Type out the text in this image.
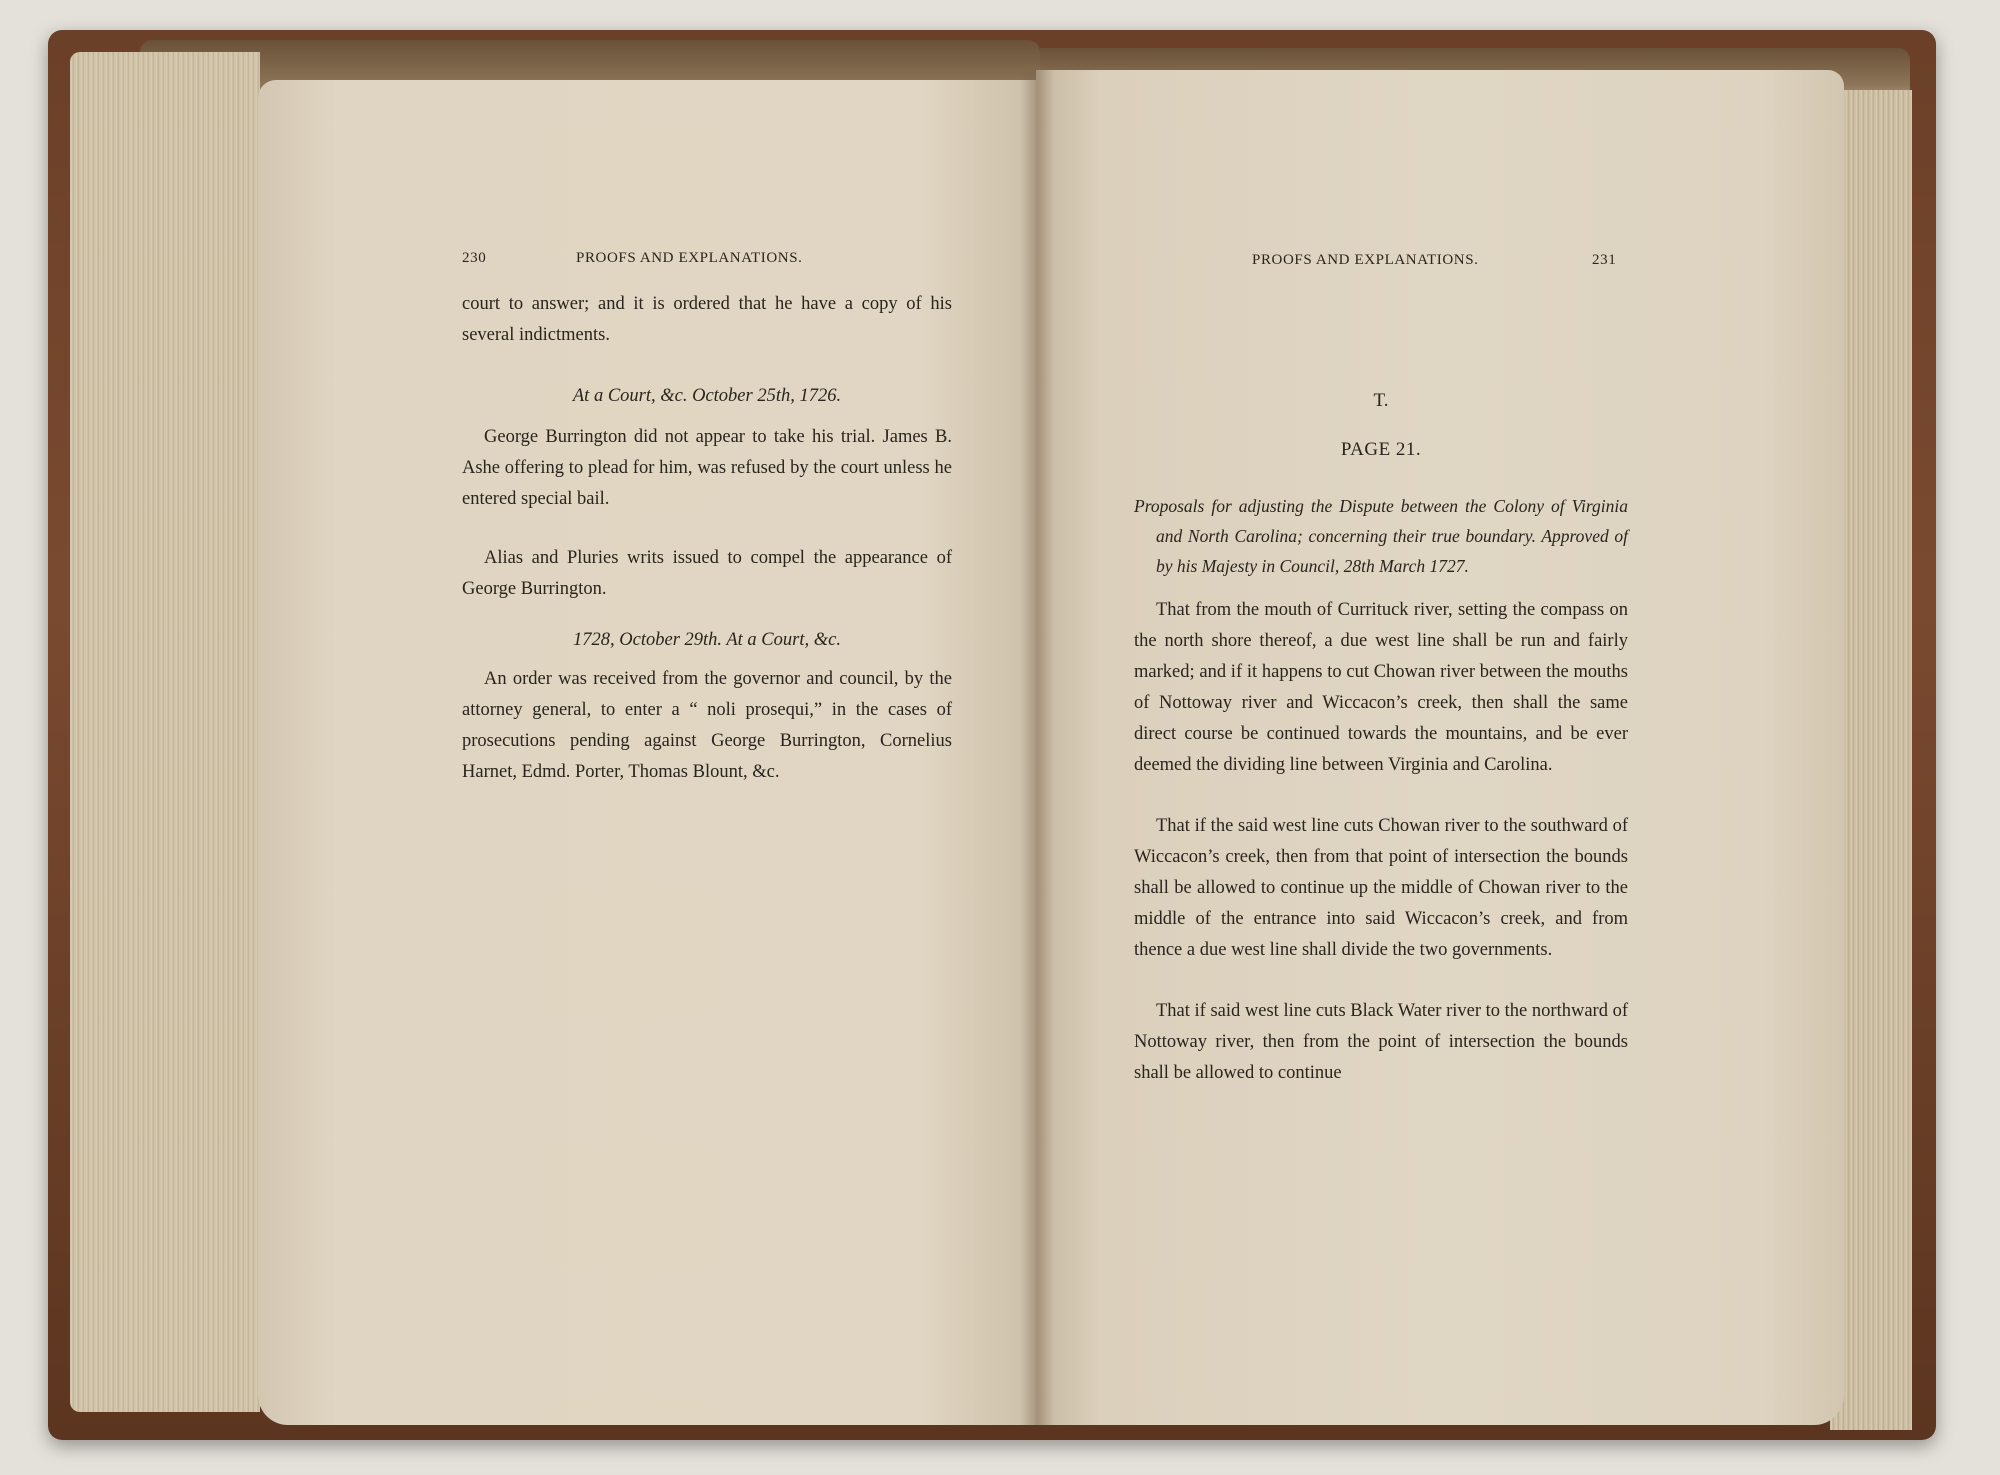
230	PROOFS AND EXPLANATIONS.

court to answer; and it is ordered that he have a copy of his several indictments.

At a Court, &c. October 25th, 1726.

George Burrington did not appear to take his trial. James B. Ashe offering to plead for him, was refused by the court unless he entered special bail.

Alias and Pluries writs issued to compel the appearance of George Burrington.

1728, October 29th. At a Court, &c.

An order was received from the governor and council, by the attorney general, to enter a “ noli prosequi,” in the cases of prosecutions pending against George Burrington, Cornelius Harnet, Edmd. Porter, Thomas Blount, &c.

PROOFS AND EXPLANATIONS.	231

T.

PAGE 21.

Proposals for adjusting the Dispute between the Colony of Virginia and North Carolina; concerning their true boundary. Approved of by his Majesty in Council, 28th March 1727.

That from the mouth of Currituck river, setting the compass on the north shore thereof, a due west line shall be run and fairly marked; and if it happens to cut Chowan river between the mouths of Nottoway river and Wiccacon’s creek, then shall the same direct course be continued towards the mountains, and be ever deemed the dividing line between Virginia and Carolina.

That if the said west line cuts Chowan river to the southward of Wiccacon’s creek, then from that point of intersection the bounds shall be allowed to continue up the middle of Chowan river to the middle of the entrance into said Wiccacon’s creek, and from thence a due west line shall divide the two governments.

That if said west line cuts Black Water river to the northward of Nottoway river, then from the point of intersection the bounds shall be allowed to continue
